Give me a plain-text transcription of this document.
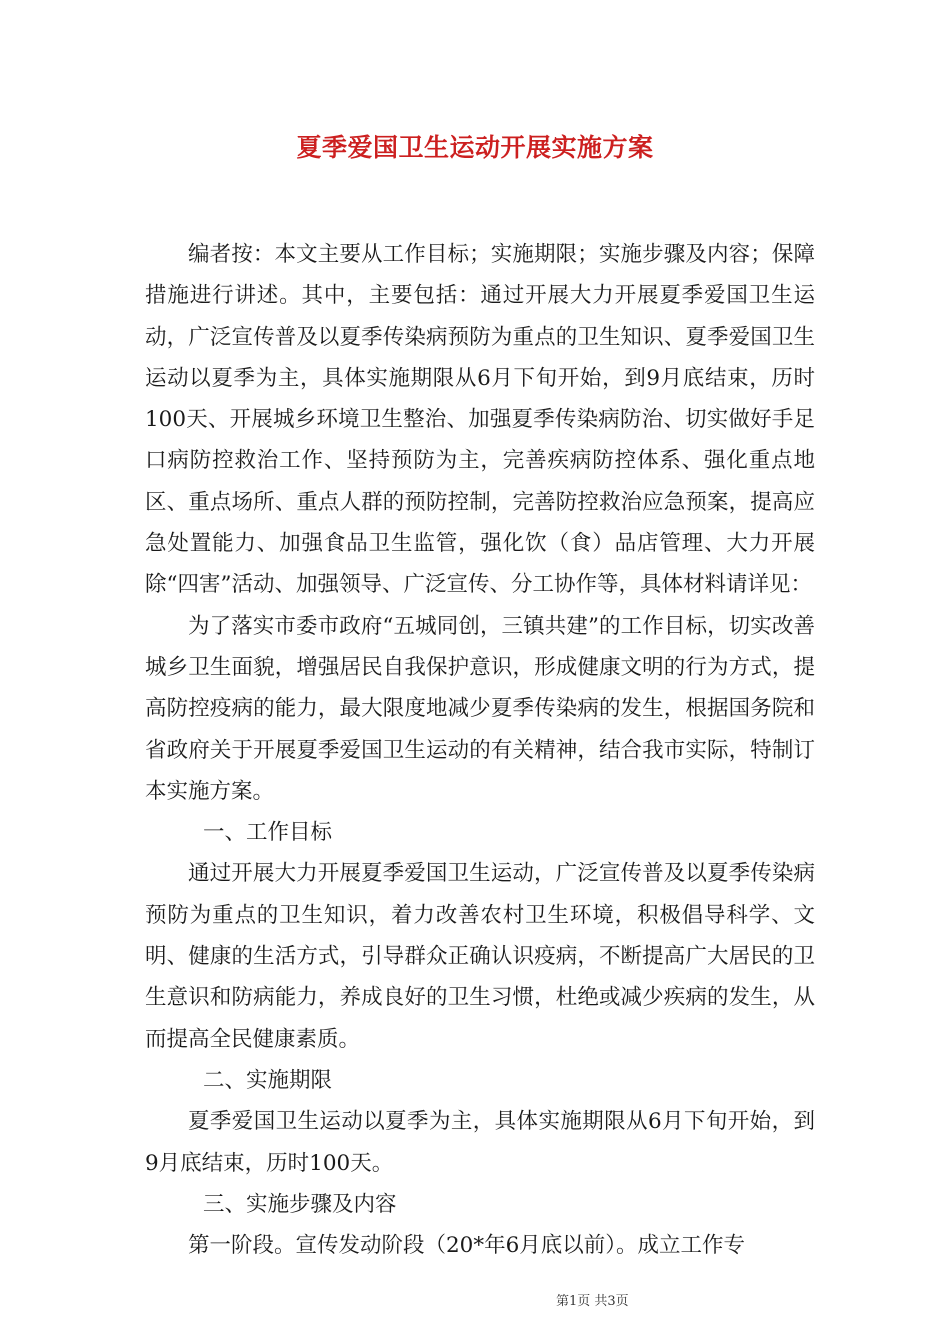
夏季爱国卫生运动开展实施方案

编者按：本文主要从工作目标；实施期限；实施步骤及内容；保障措施进行讲述。其中，主要包括：通过开展大力开展夏季爱国卫生运动，广泛宣传普及以夏季传染病预防为重点的卫生知识、夏季爱国卫生运动以夏季为主，具体实施期限从6月下旬开始，到9月底结束，历时100天、开展城乡环境卫生整治、加强夏季传染病防治、切实做好手足口病防控救治工作、坚持预防为主，完善疾病防控体系、强化重点地区、重点场所、重点人群的预防控制，完善防控救治应急预案，提高应急处置能力、加强食品卫生监管，强化饮（食）品店管理、大力开展除“四害”活动、加强领导、广泛宣传、分工协作等，具体材料请详见：

为了落实市委市政府“五城同创，三镇共建”的工作目标，切实改善城乡卫生面貌，增强居民自我保护意识，形成健康文明的行为方式，提高防控疫病的能力，最大限度地减少夏季传染病的发生，根据国务院和省政府关于开展夏季爱国卫生运动的有关精神，结合我市实际，特制订本实施方案。

一、工作目标

通过开展大力开展夏季爱国卫生运动，广泛宣传普及以夏季传染病预防为重点的卫生知识，着力改善农村卫生环境，积极倡导科学、文明、健康的生活方式，引导群众正确认识疫病，不断提高广大居民的卫生意识和防病能力，养成良好的卫生习惯，杜绝或减少疾病的发生，从而提高全民健康素质。

二、实施期限

夏季爱国卫生运动以夏季为主，具体实施期限从6月下旬开始，到9月底结束，历时100天。

三、实施步骤及内容

第一阶段。宣传发动阶段（20*年6月底以前）。成立工作专

第1页 共3页
